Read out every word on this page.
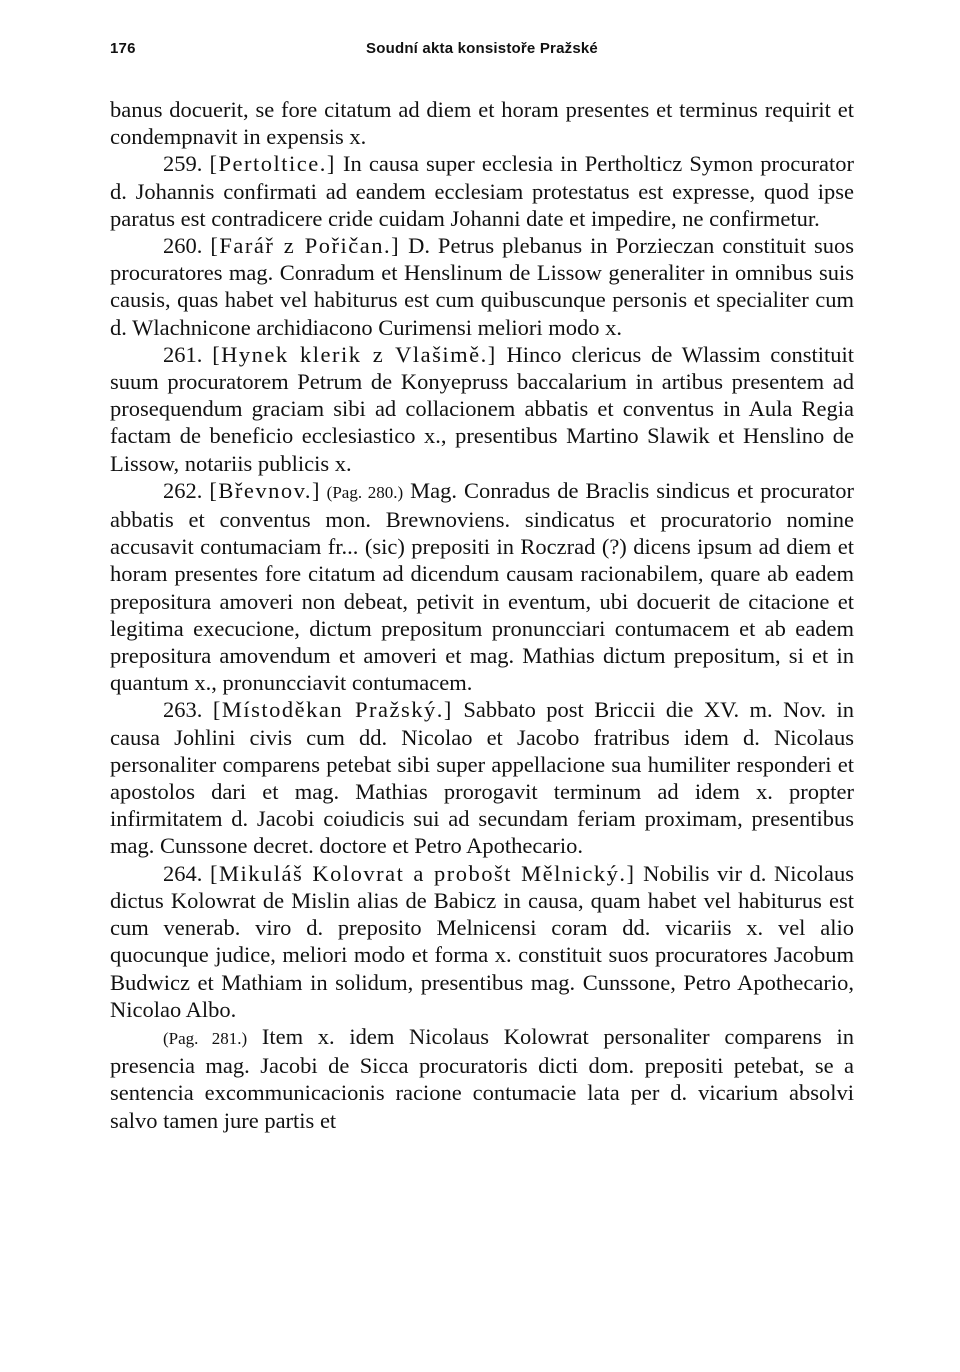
176	Soudní akta konsistoře Pražské

banus docuerit, se fore citatum ad diem et horam presentes et terminus requirit et condempnavit in expensis x.

259. [Pertoltice.] In causa super ecclesia in Pertholticz Symon procurator d. Johannis confirmati ad eandem ecclesiam protestatus est expresse, quod ipse paratus est contradicere cride cuidam Johanni date et impedire, ne confirmetur.

260. [Farář z Pořičan.] D. Petrus plebanus in Porzieczan constituit suos procuratores mag. Conradum et Henslinum de Lissow generaliter in omnibus suis causis, quas habet vel habiturus est cum quibuscunque personis et specialiter cum d. Wlachnicone archidiacono Curimensi meliori modo x.

261. [Hynek klerik z Vlašimě.] Hinco clericus de Wlassim constituit suum procuratorem Petrum de Konyepruss baccalarium in artibus presentem ad prosequendum graciam sibi ad collacionem abbatis et conventus in Aula Regia factam de beneficio ecclesiastico x., presentibus Martino Slawik et Henslino de Lissow, notariis publicis x.

262. [Břevnov.] (Pag. 280.) Mag. Conradus de Braclis sindicus et procurator abbatis et conventus mon. Brewnoviens. sindicatus et procuratorio nomine accusavit contumaciam fr... (sic) prepositi in Roczrad (?) dicens ipsum ad diem et horam presentes fore citatum ad dicendum causam racionabilem, quare ab eadem prepositura amoveri non debeat, petivit in eventum, ubi docuerit de citacione et legitima execucione, dictum prepositum pronuncciari contumacem et ab eadem prepositura amovendum et amoveri et mag. Mathias dictum prepositum, si et in quantum x., pronuncciavit contumacem.

263. [Místoděkan Pražský.] Sabbato post Briccii die XV. m. Nov. in causa Johlini civis cum dd. Nicolao et Jacobo fratribus idem d. Nicolaus personaliter comparens petebat sibi super appellacione sua humiliter responderi et apostolos dari et mag. Mathias prorogavit terminum ad idem x. propter infirmitatem d. Jacobi coiudicis sui ad secundam feriam proximam, presentibus mag. Cunssone decret. doctore et Petro Apothecario.

264. [Mikuláš Kolovrat a probošt Mělnický.] Nobilis vir d. Nicolaus dictus Kolowrat de Mislin alias de Babicz in causa, quam habet vel habiturus est cum venerab. viro d. preposito Melnicensi coram dd. vicariis x. vel alio quocunque judice, meliori modo et forma x. constituit suos procuratores Jacobum Budwicz et Mathiam in solidum, presentibus mag. Cunssone, Petro Apothecario, Nicolao Albo.

(Pag. 281.) Item x. idem Nicolaus Kolowrat personaliter comparens in presencia mag. Jacobi de Sicca procuratoris dicti dom. prepositi petebat, se a sentencia excommunicacionis racione contumacie lata per d. vicarium absolvi salvo tamen jure partis et
